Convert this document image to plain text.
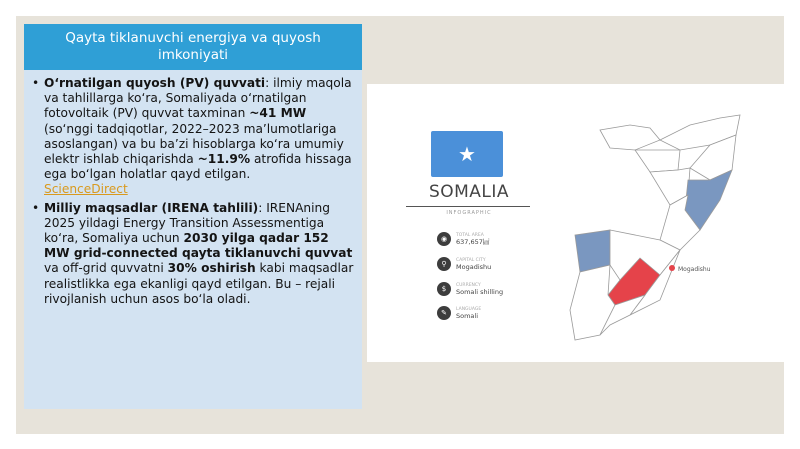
Qayta tiklanuvchi energiya va quyosh imkoniyati
• O‘rnatilgan quyosh (PV) quvvati: ilmiy maqola va tahlillarga ko‘ra, Somaliyada o‘rnatilgan fotovoltaik (PV) quvvat taxminan ~41 MW (so‘nggi tadqiqotlar, 2022–2023 ma’lumotlariga asoslangan) va bu ba’zi hisoblarga ko‘ra umumiy elektr ishlab chiqarishda ~11.9% atrofida hissaga ega bo‘lgan holatlar qayd etilgan.
ScienceDirect
• Milliy maqsadlar (IRENA tahlili): IRENAning 2025 yildagi Energy Transition Assessmentiga ko‘ra, Somaliya uchun 2030 yilga qadar 152 MW grid-connected qayta tiklanuvchi quvvat va off-grid quvvatni 30% oshirish kabi maqsadlar realistlikka ega ekanligi qayd etilgan. Bu – rejali rivojlanish uchun asos bo‘la oladi.
★
SOMALIA
INFOGRAPHIC
◉	TOTAL AREA
637,657㎢
⚲	CAPITAL CITY
Mogadishu
$	CURRENCY
Somali shilling
✎	LANGUAGE
Somali
Mogadishu
